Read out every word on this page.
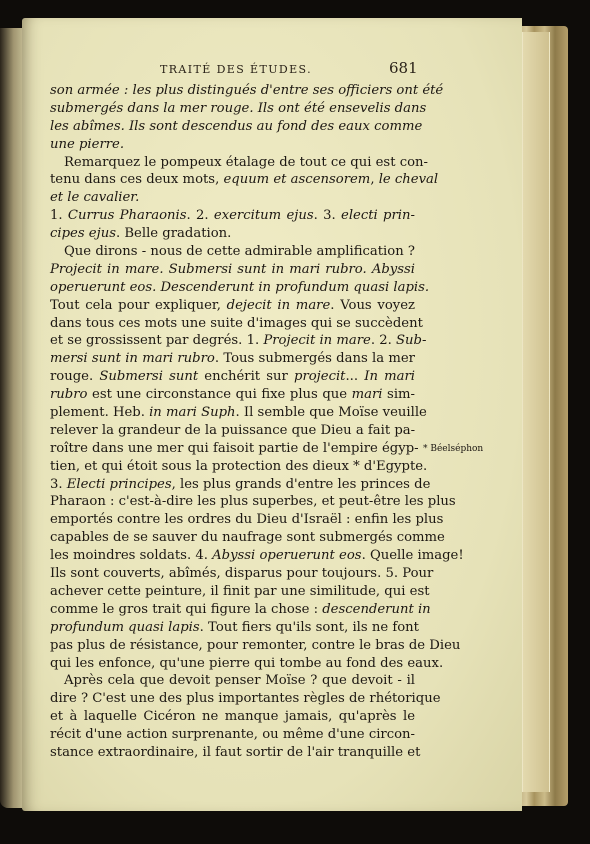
TRAITÉ DES ÉTUDES.	681
son armée : les plus distingués d'entre ses officiers ont été
submergés dans la mer rouge. Ils ont été ensevelis dans
les abîmes. Ils sont descendus au fond des eaux comme
une pierre.
Remarquez le pompeux étalage de tout ce qui est con-
tenu dans ces deux mots, equum et ascensorem, le cheval
et le cavalier.
1. Currus Pharaonis. 2. exercitum ejus. 3. electi prin-
cipes ejus. Belle gradation.
Que dirons - nous de cette admirable amplification ?
Projecit in mare. Submersi sunt in mari rubro. Abyssi
operuerunt eos. Descenderunt in profundum quasi lapis.
Tout cela pour expliquer, dejecit in mare. Vous voyez
dans tous ces mots une suite d'images qui se succèdent
et se grossissent par degrés. 1. Projecit in mare. 2. Sub-
mersi sunt in mari rubro. Tous submergés dans la mer
rouge. Submersi sunt enchérit sur projecit... In mari
rubro est une circonstance qui fixe plus que mari sim-
plement. Heb. in mari Suph. Il semble que Moïse veuille
relever la grandeur de la puissance que Dieu a fait pa-
roître dans une mer qui faisoit partie de l'empire égyp-
tien, et qui étoit sous la protection des dieux * d'Egypte.
3. Electi principes, les plus grands d'entre les princes de
Pharaon : c'est-à-dire les plus superbes, et peut-être les plus
emportés contre les ordres du Dieu d'Israël : enfin les plus
capables de se sauver du naufrage sont submergés comme
les moindres soldats. 4. Abyssi operuerunt eos. Quelle image!
Ils sont couverts, abîmés, disparus pour toujours. 5. Pour
achever cette peinture, il finit par une similitude, qui est
comme le gros trait qui figure la chose : descenderunt in
profundum quasi lapis. Tout fiers qu'ils sont, ils ne font
pas plus de résistance, pour remonter, contre le bras de Dieu
qui les enfonce, qu'une pierre qui tombe au fond des eaux.
Après cela que devoit penser Moïse ? que devoit - il
dire ? C'est une des plus importantes règles de rhétorique
et à laquelle Cicéron ne manque jamais, qu'après le
récit d'une action surprenante, ou même d'une circon-
stance extraordinaire, il faut sortir de l'air tranquille et
* Béelséphon
